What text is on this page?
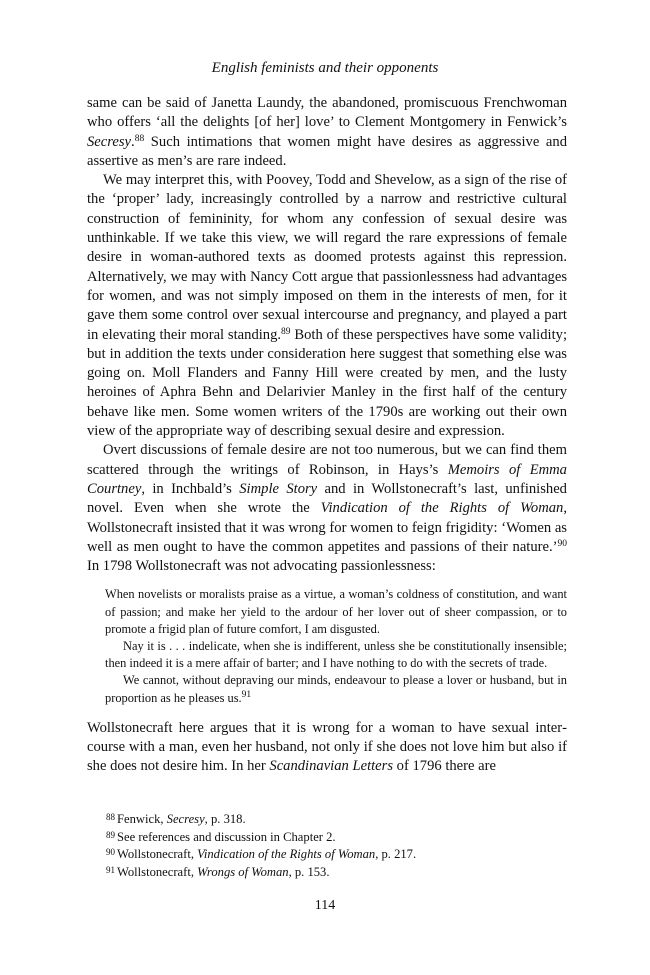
English feminists and their opponents

same can be said of Janetta Laundy, the abandoned, promiscuous Frenchwoman who offers ‘all the delights [of her] love’ to Clement Montgomery in Fenwick’s Secresy.$^{88}$ Such intimations that women might have desires as aggressive and assertive as men’s are rare indeed.

We may interpret this, with Poovey, Todd and Shevelow, as a sign of the rise of the ‘proper’ lady, increasingly controlled by a narrow and restrictive cultural construction of femininity, for whom any confession of sexual desire was unthinkable. If we take this view, we will regard the rare expressions of female desire in woman-authored texts as doomed protests against this repression. Alternatively, we may with Nancy Cott argue that passionlessness had advantages for women, and was not simply imposed on them in the interests of men, for it gave them some control over sexual intercourse and pregnancy, and played a part in elevating their moral standing.$^{89}$ Both of these perspectives have some validity; but in addition the texts under consideration here suggest that something else was going on. Moll Flanders and Fanny Hill were created by men, and the lusty heroines of Aphra Behn and Delarivier Manley in the first half of the century behave like men. Some women writers of the 1790s are working out their own view of the appropriate way of describing sexual desire and expression.

Overt discussions of female desire are not too numerous, but we can find them scattered through the writings of Robinson, in Hays’s Memoirs of Emma Courtney, in Inchbald’s Simple Story and in Wollstonecraft’s last, unfinished novel. Even when she wrote the Vindication of the Rights of Woman, Wollstonecraft insisted that it was wrong for women to feign frigidity: ‘Women as well as men ought to have the common appetites and passions of their nature.’$^{90}$ In 1798 Wollstonecraft was not advocating passionlessness:

When novelists or moralists praise as a virtue, a woman’s coldness of constitution, and want of passion; and make her yield to the ardour of her lover out of sheer compassion, or to promote a frigid plan of future comfort, I am disgusted.

Nay it is . . . indelicate, when she is indifferent, unless she be constitutionally insensible; then indeed it is a mere affair of barter; and I have nothing to do with the secrets of trade.

We cannot, without depraving our minds, endeavour to please a lover or husband, but in proportion as he pleases us.$^{91}$

Wollstonecraft here argues that it is wrong for a woman to have sexual intercourse with a man, even her husband, not only if she does not love him but also if she does not desire him. In her Scandinavian Letters of 1796 there are

$^{88}$ Fenwick, Secresy, p. 318.

$^{89}$ See references and discussion in Chapter 2.

$^{90}$ Wollstonecraft, Vindication of the Rights of Woman, p. 217.

$^{91}$ Wollstonecraft, Wrongs of Woman, p. 153.

114
